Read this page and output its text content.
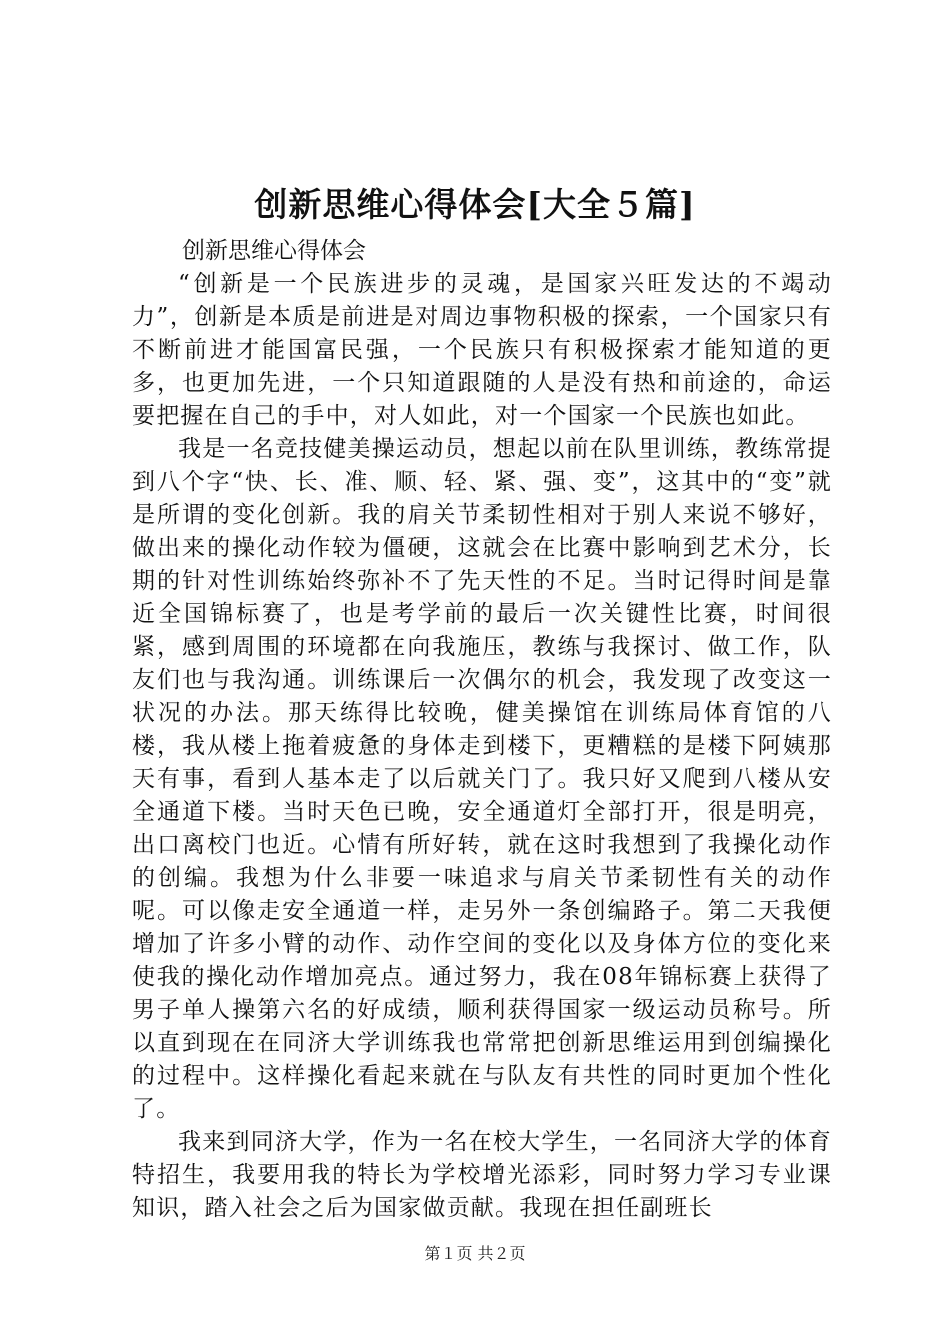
创新思维心得体会[大全５篇]

创新思维心得体会

“创新是一个民族进步的灵魂，是国家兴旺发达的不竭动力”，创新是本质是前进是对周边事物积极的探索，一个国家只有不断前进才能国富民强，一个民族只有积极探索才能知道的更多，也更加先进，一个只知道跟随的人是没有热和前途的，命运要把握在自己的手中，对人如此，对一个国家一个民族也如此。

我是一名竞技健美操运动员，想起以前在队里训练，教练常提到八个字“快、长、准、顺、轻、紧、强、变”，这其中的“变”就是所谓的变化创新。我的肩关节柔韧性相对于别人来说不够好，做出来的操化动作较为僵硬，这就会在比赛中影响到艺术分，长期的针对性训练始终弥补不了先天性的不足。当时记得时间是靠近全国锦标赛了，也是考学前的最后一次关键性比赛，时间很紧，感到周围的环境都在向我施压，教练与我探讨、做工作，队友们也与我沟通。训练课后一次偶尔的机会，我发现了改变这一状况的办法。那天练得比较晚，健美操馆在训练局体育馆的八楼，我从楼上拖着疲惫的身体走到楼下，更糟糕的是楼下阿姨那天有事，看到人基本走了以后就关门了。我只好又爬到八楼从安全通道下楼。当时天色已晚，安全通道灯全部打开，很是明亮，出口离校门也近。心情有所好转，就在这时我想到了我操化动作的创编。我想为什么非要一味追求与肩关节柔韧性有关的动作呢。可以像走安全通道一样，走另外一条创编路子。第二天我便增加了许多小臂的动作、动作空间的变化以及身体方位的变化来使我的操化动作增加亮点。通过努力，我在08年锦标赛上获得了男子单人操第六名的好成绩，顺利获得国家一级运动员称号。所以直到现在在同济大学训练我也常常把创新思维运用到创编操化的过程中。这样操化看起来就在与队友有共性的同时更加个性化了。

我来到同济大学，作为一名在校大学生，一名同济大学的体育特招生，我要用我的特长为学校增光添彩，同时努力学习专业课知识，踏入社会之后为国家做贡献。我现在担任副班长

第１页 共２页
